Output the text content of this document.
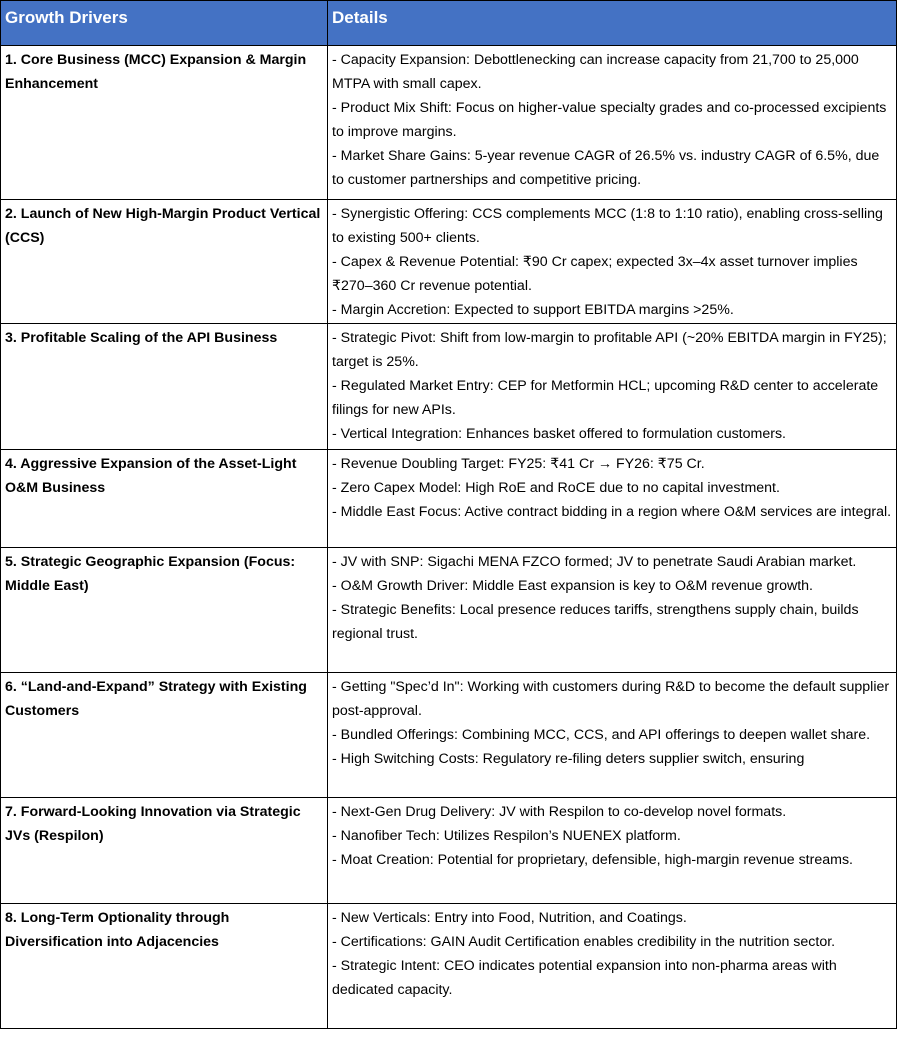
Growth Drivers	Details
1. Core Business (MCC) Expansion & Margin Enhancement	- Capacity Expansion: Debottlenecking can increase capacity from 21,700 to 25,000 MTPA with small capex.
- Product Mix Shift: Focus on higher-value specialty grades and co-processed excipients to improve margins.
- Market Share Gains: 5-year revenue CAGR of 26.5% vs. industry CAGR of 6.5%, due to customer partnerships and competitive pricing.

2. Launch of New High-Margin Product Vertical (CCS)	- Synergistic Offering: CCS complements MCC (1:8 to 1:10 ratio), enabling cross-selling to existing 500+ clients.
- Capex & Revenue Potential: ₹90 Cr capex; expected 3x–4x asset turnover implies ₹270–360 Cr revenue potential.
- Margin Accretion: Expected to support EBITDA margins >25%.

3. Profitable Scaling of the API Business	- Strategic Pivot: Shift from low-margin to profitable API (~20% EBITDA margin in FY25); target is 25%.
- Regulated Market Entry: CEP for Metformin HCL; upcoming R&D center to accelerate filings for new APIs.
- Vertical Integration: Enhances basket offered to formulation customers.

4. Aggressive Expansion of the Asset-Light O&M Business	- Revenue Doubling Target: FY25: ₹41 Cr → FY26: ₹75 Cr.
- Zero Capex Model: High RoE and RoCE due to no capital investment.
- Middle East Focus: Active contract bidding in a region where O&M services are integral.

5. Strategic Geographic Expansion (Focus: Middle East)	- JV with SNP: Sigachi MENA FZCO formed; JV to penetrate Saudi Arabian market.
- O&M Growth Driver: Middle East expansion is key to O&M revenue growth.
- Strategic Benefits: Local presence reduces tariffs, strengthens supply chain, builds regional trust.

6. “Land-and-Expand” Strategy with Existing Customers	- Getting "Spec’d In": Working with customers during R&D to become the default supplier post-approval.
- Bundled Offerings: Combining MCC, CCS, and API offerings to deepen wallet share.
- High Switching Costs: Regulatory re-filing deters supplier switch, ensuring

7. Forward-Looking Innovation via Strategic JVs (Respilon)	- Next-Gen Drug Delivery: JV with Respilon to co-develop novel formats.
- Nanofiber Tech: Utilizes Respilon’s NUENEX platform.
- Moat Creation: Potential for proprietary, defensible, high-margin revenue streams.

8. Long-Term Optionality through Diversification into Adjacencies	- New Verticals: Entry into Food, Nutrition, and Coatings.
- Certifications: GAIN Audit Certification enables credibility in the nutrition sector.
- Strategic Intent: CEO indicates potential expansion into non-pharma areas with dedicated capacity.
